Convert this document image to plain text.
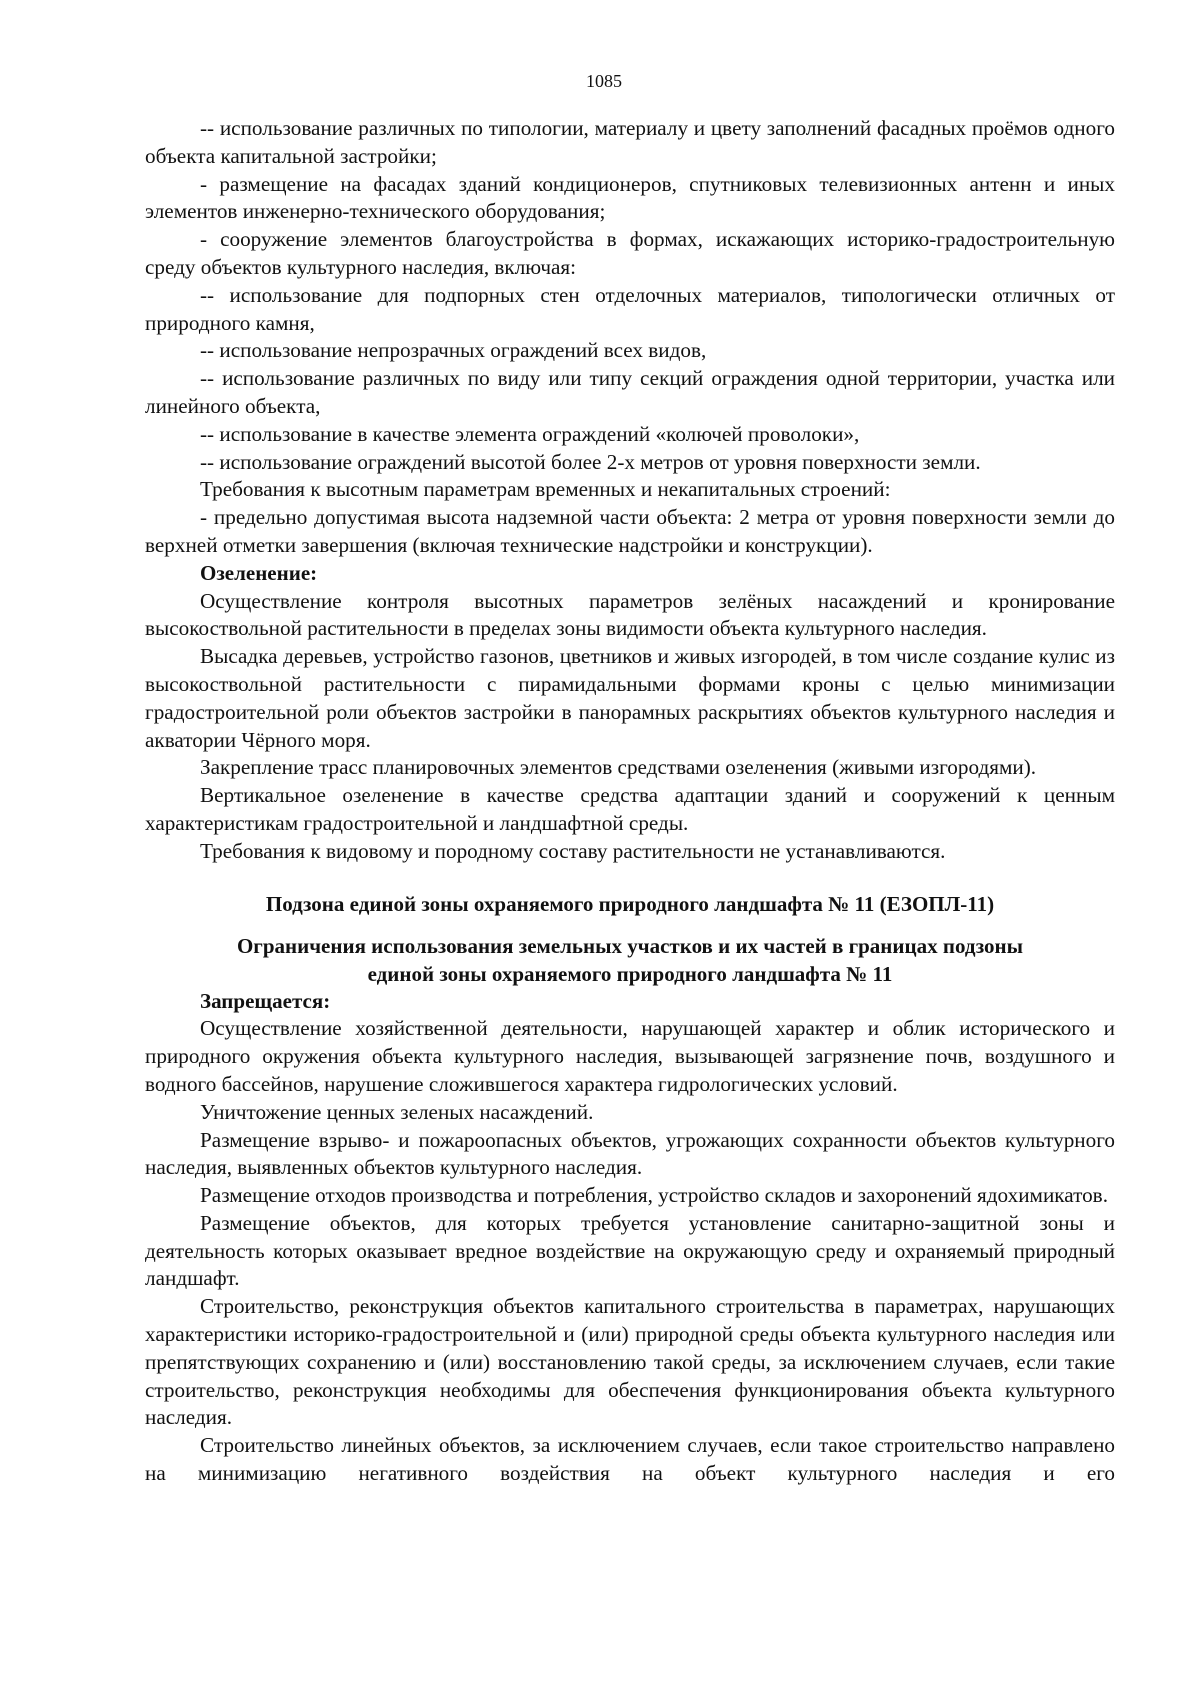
1085

-- использование различных по типологии, материалу и цвету заполнений фасадных проёмов одного объекта капитальной застройки;

- размещение на фасадах зданий кондиционеров, спутниковых телевизионных антенн и иных элементов инженерно-технического оборудования;

- сооружение элементов благоустройства в формах, искажающих историко-градостроительную среду объектов культурного наследия, включая:

-- использование для подпорных стен отделочных материалов, типологически отличных от природного камня,

-- использование непрозрачных ограждений всех видов,

-- использование различных по виду или типу секций ограждения одной территории, участка или линейного объекта,

-- использование в качестве элемента ограждений «колючей проволоки»,

-- использование ограждений высотой более 2-х метров от уровня поверхности земли.

Требования к высотным параметрам временных и некапитальных строений:

- предельно допустимая высота надземной части объекта: 2 метра от уровня поверхности земли до верхней отметки завершения (включая технические надстройки и конструкции).

Озеленение:

Осуществление контроля высотных параметров зелёных насаждений и кронирование высокоствольной растительности в пределах зоны видимости объекта культурного наследия.

Высадка деревьев, устройство газонов, цветников и живых изгородей, в том числе создание кулис из высокоствольной растительности с пирамидальными формами кроны с целью минимизации градостроительной роли объектов застройки в панорамных раскрытиях объектов культурного наследия и акватории Чёрного моря.

Закрепление трасс планировочных элементов средствами озеленения (живыми изгородями).

Вертикальное озеленение в качестве средства адаптации зданий и сооружений к ценным характеристикам градостроительной и ландшафтной среды.

Требования к видовому и породному составу растительности не устанавливаются.

Подзона единой зоны охраняемого природного ландшафта № 11 (ЕЗОПЛ-11)
Ограничения использования земельных участков и их частей в границах подзоны
единой зоны охраняемого природного ландшафта № 11
Запрещается:

Осуществление хозяйственной деятельности, нарушающей характер и облик исторического и природного окружения объекта культурного наследия, вызывающей загрязнение почв, воздушного и водного бассейнов, нарушение сложившегося характера гидрологических условий.

Уничтожение ценных зеленых насаждений.

Размещение взрыво- и пожароопасных объектов, угрожающих сохранности объектов культурного наследия, выявленных объектов культурного наследия.

Размещение отходов производства и потребления, устройство складов и захоронений ядохимикатов.

Размещение объектов, для которых требуется установление санитарно-защитной зоны и деятельность которых оказывает вредное воздействие на окружающую среду и охраняемый природный ландшафт.

Строительство, реконструкция объектов капитального строительства в параметрах, нарушающих характеристики историко-градостроительной и (или) природной среды объекта культурного наследия или препятствующих сохранению и (или) восстановлению такой среды, за исключением случаев, если такие строительство, реконструкция необходимы для обеспечения функционирования объекта культурного наследия.

Строительство линейных объектов, за исключением случаев, если такое строительство направлено на минимизацию негативного воздействия на объект культурного наследия и его
